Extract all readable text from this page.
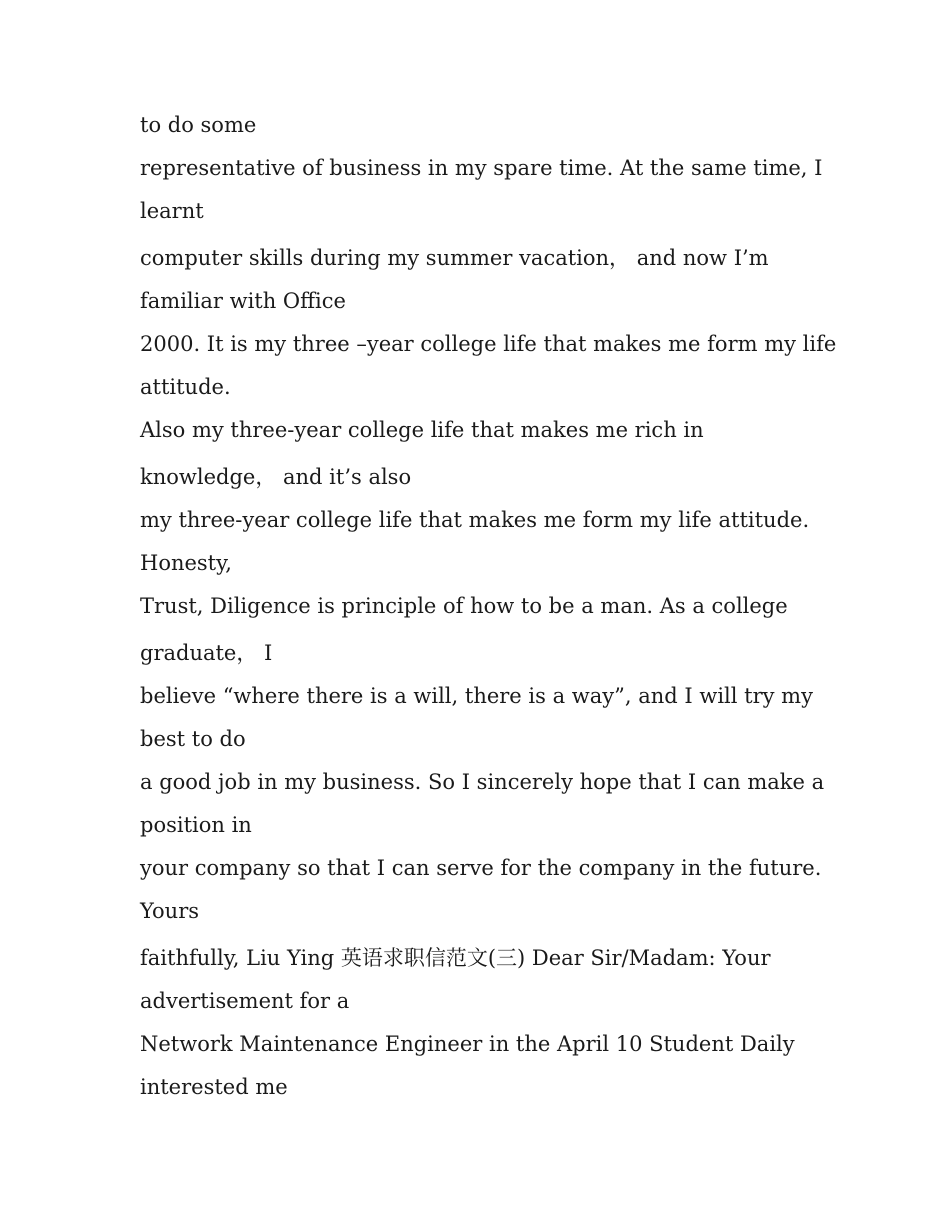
to do some

representative of business in my spare time. At the same time, I

learnt

computer skills during my summer vacation， and now I’m

familiar with Office

2000. It is my three –year college life that makes me form my life

attitude.

Also my three-year college life that makes me rich in

knowledge， and it’s also

my three-year college life that makes me form my life attitude.

Honesty,

Trust, Diligence is principle of how to be a man. As a college

graduate， I

believe “where there is a will, there is a way”, and I will try my

best to do

a good job in my business. So I sincerely hope that I can make a

position in

your company so that I can serve for the company in the future.

Yours

faithfully, Liu Ying 英语求职信范文(三) Dear Sir/Madam: Your

advertisement for a

Network Maintenance Engineer in the April 10 Student Daily

interested me
